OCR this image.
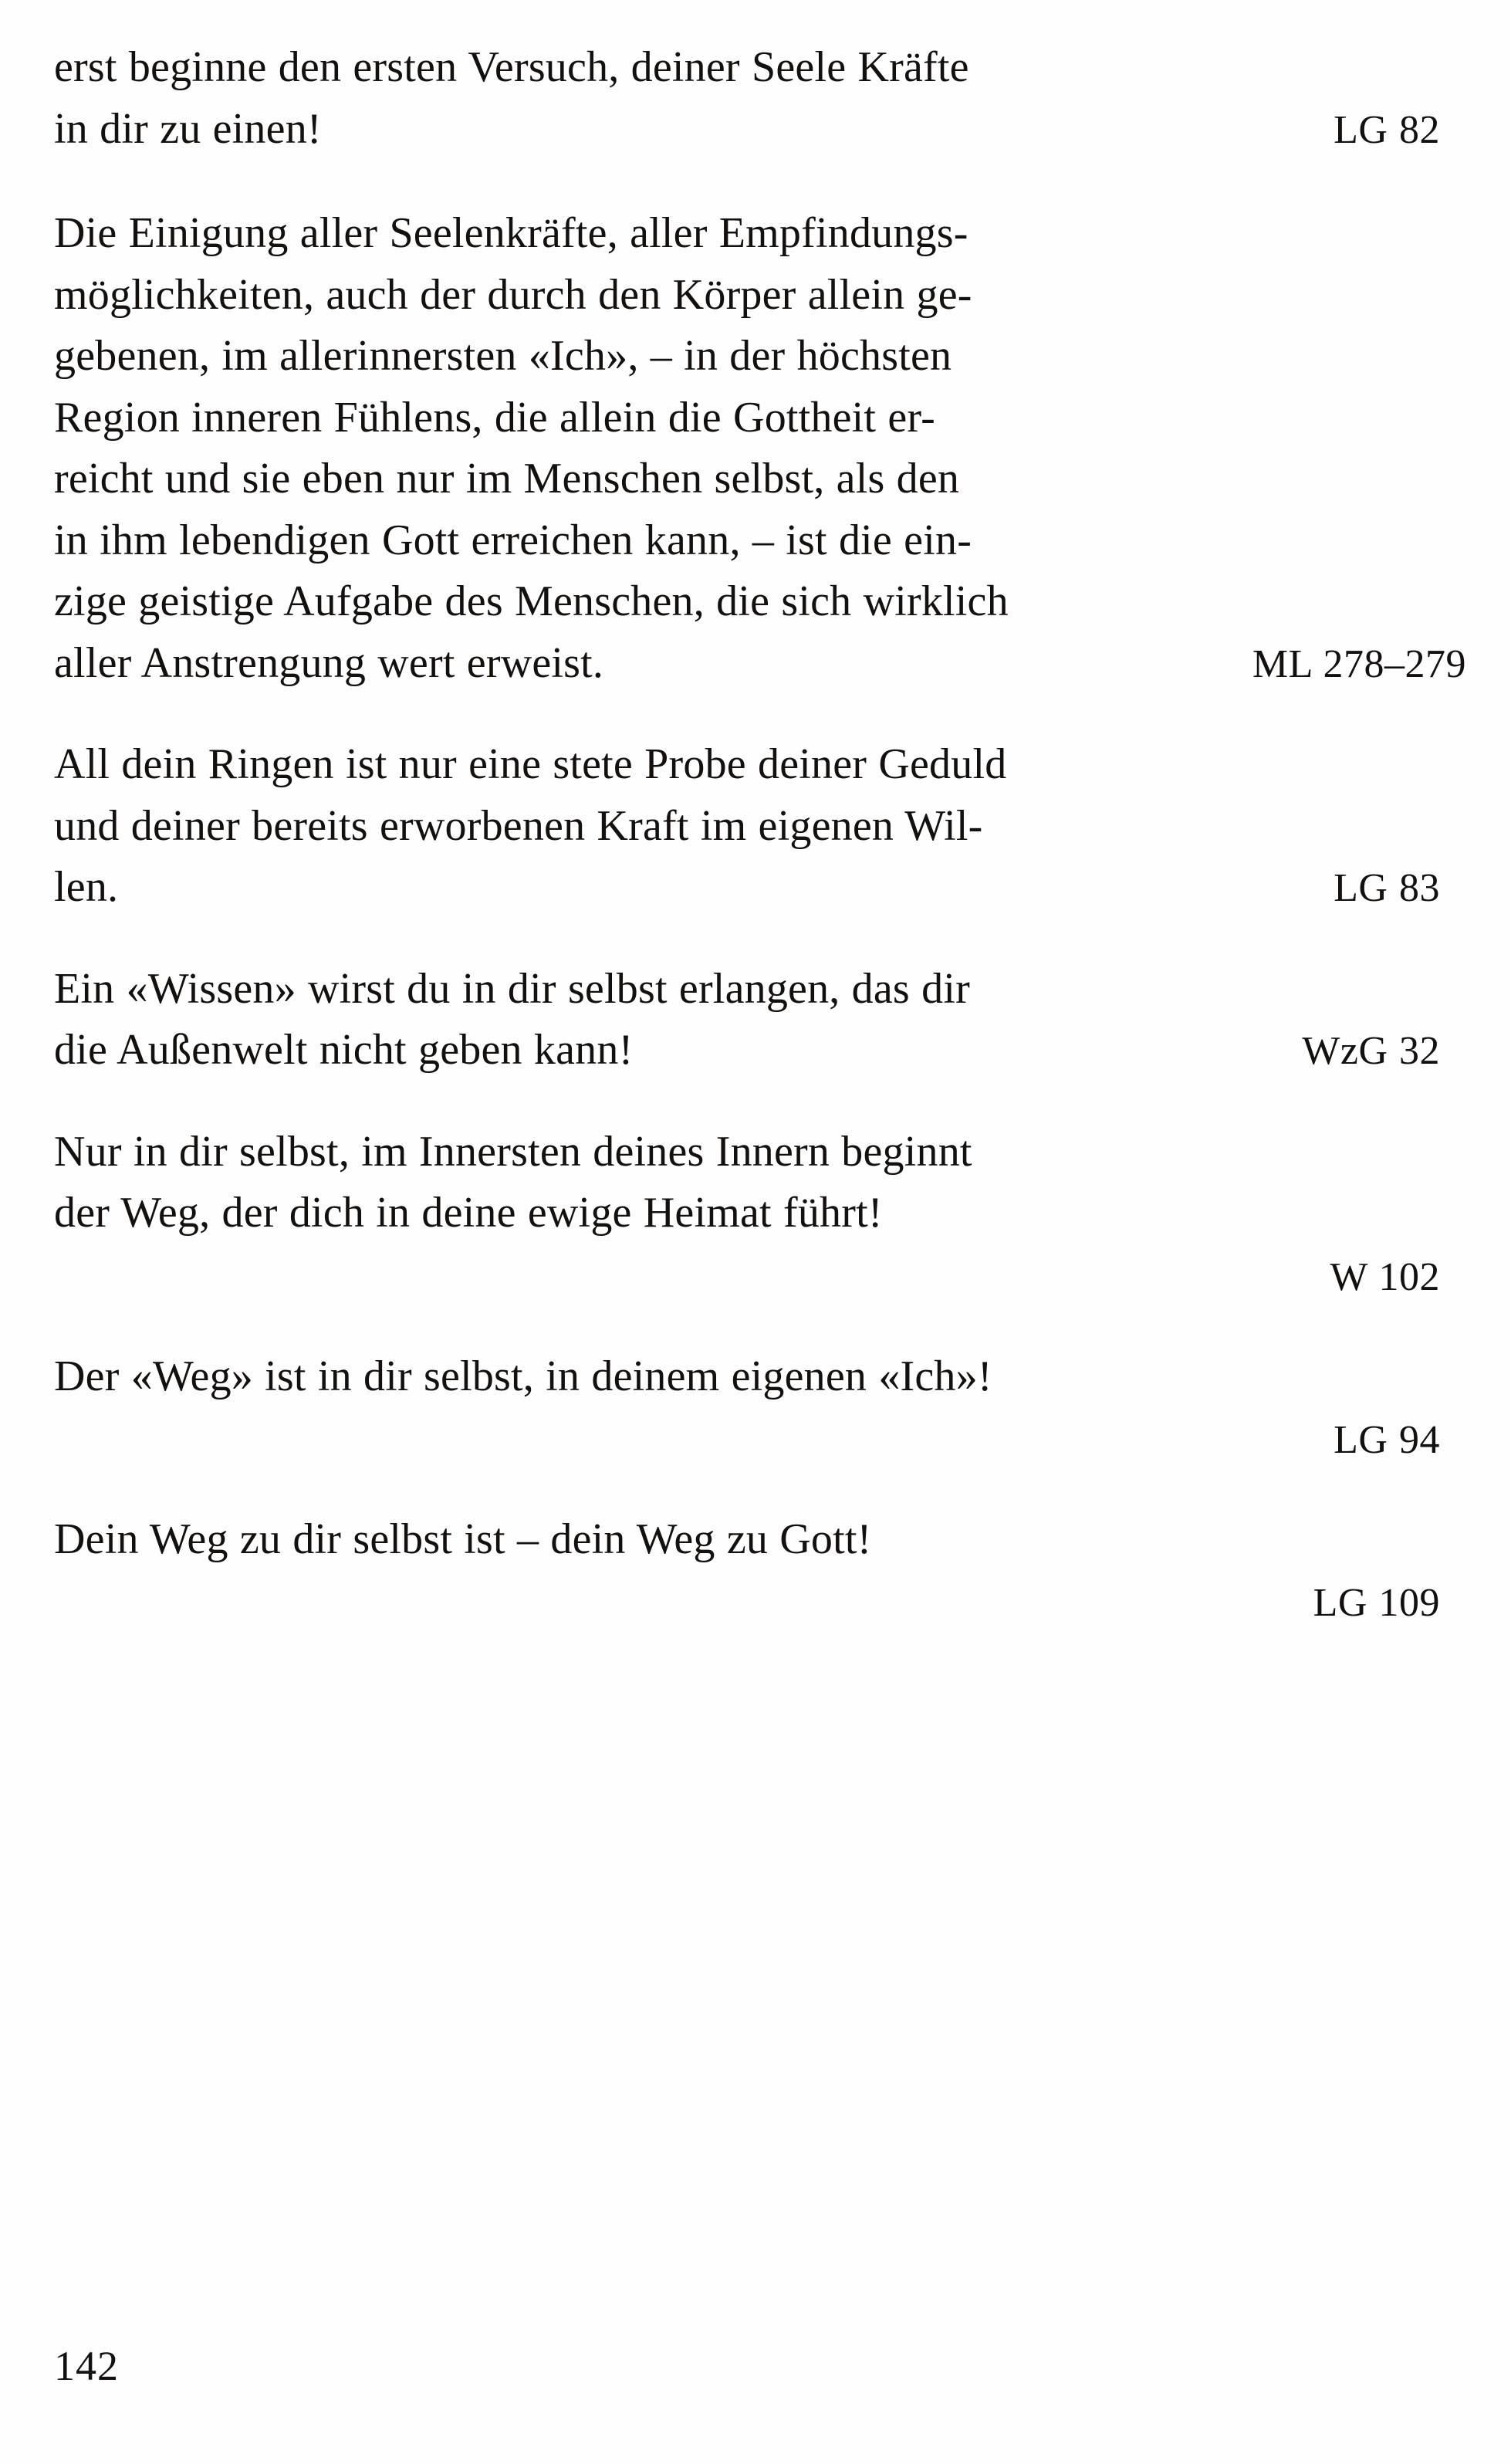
erst beginne den ersten Versuch, deiner Seele Kräfte

in dir zu einen!	LG 82

Die Einigung aller Seelenkräfte, aller Empfindungs-

möglichkeiten, auch der durch den Körper allein ge-

gebenen, im allerinnersten «Ich», – in der höchsten

Region inneren Fühlens, die allein die Gottheit er-

reicht und sie eben nur im Menschen selbst, als den

in ihm lebendigen Gott erreichen kann, – ist die ein-

zige geistige Aufgabe des Menschen, die sich wirklich

aller Anstrengung wert erweist.	ML 278–279

All dein Ringen ist nur eine stete Probe deiner Geduld

und deiner bereits erworbenen Kraft im eigenen Wil-

len.	LG 83

Ein «Wissen» wirst du in dir selbst erlangen, das dir

die Außenwelt nicht geben kann!	WzG 32

Nur in dir selbst, im Innersten deines Innern beginnt

der Weg, der dich in deine ewige Heimat führt!

W 102

Der «Weg» ist in dir selbst, in deinem eigenen «Ich»!

LG 94

Dein Weg zu dir selbst ist – dein Weg zu Gott!

LG 109
142
